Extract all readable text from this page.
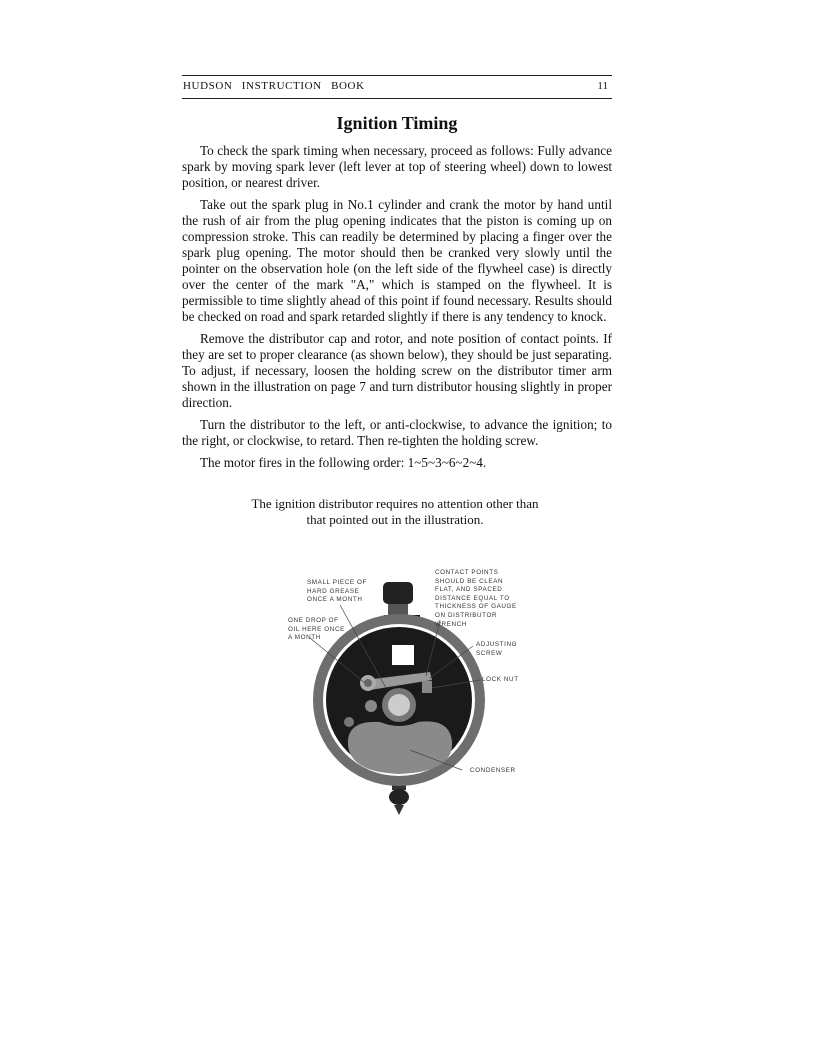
HUDSON INSTRUCTION BOOK	11
Ignition Timing

To check the spark timing when necessary, proceed as follows: Fully advance spark by moving spark lever (left lever at top of steering wheel) down to lowest position, or nearest driver.

Take out the spark plug in No.1 cylinder and crank the motor by hand until the rush of air from the plug opening indicates that the piston is coming up on compression stroke. This can readily be determined by placing a finger over the spark plug opening. The motor should then be cranked very slowly until the pointer on the observation hole (on the left side of the flywheel case) is directly over the center of the mark "A," which is stamped on the flywheel. It is permissible to time slightly ahead of this point if found necessary. Results should be checked on road and spark retarded slightly if there is any tendency to knock.

Remove the distributor cap and rotor, and note position of contact points. If they are set to proper clearance (as shown below), they should be just separating. To adjust, if necessary, loosen the holding screw on the distributor timer arm shown in the illustration on page 7 and turn distributor housing slightly in proper direction.

Turn the distributor to the left, or anti-clockwise, to advance the ignition; to the right, or clockwise, to retard. Then re-tighten the holding screw.

The motor fires in the following order: 1~5~3~6~2~4.

The ignition distributor requires no attention other than that pointed out in the illustration.
SMALL PIECE OF
HARD GREASE
ONCE A MONTH
ONE DROP OF
OIL HERE ONCE
A MONTH
CONTACT POINTS
SHOULD BE CLEAN
FLAT, AND SPACED
DISTANCE EQUAL TO
THICKNESS OF GAUGE
ON DISTRIBUTOR
WRENCH
ADJUSTING
SCREW
LOCK NUT
CONDENSER
